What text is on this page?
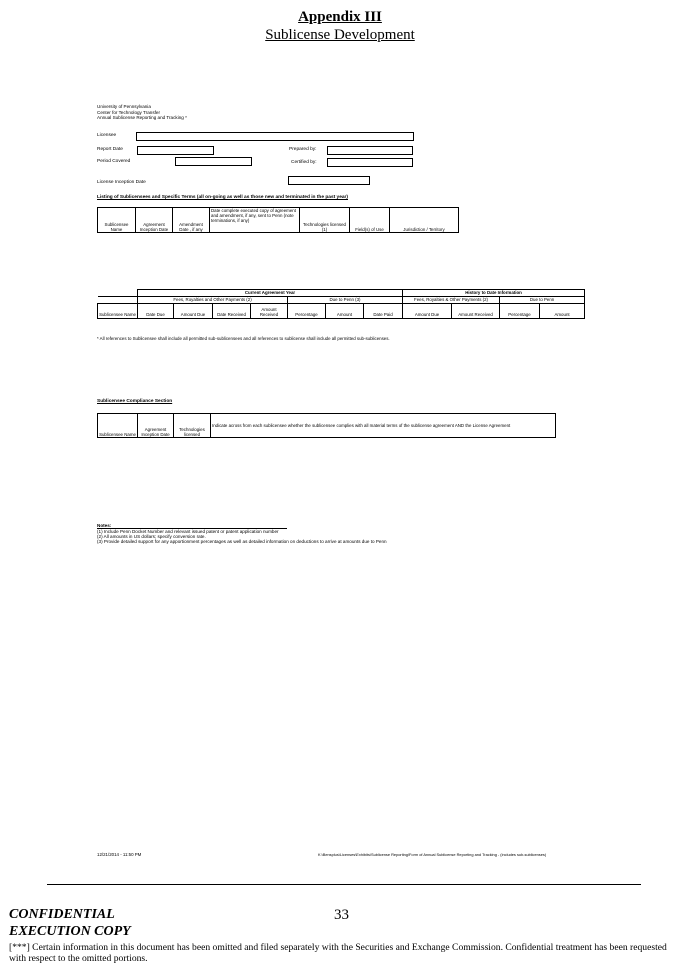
Appendix III
Sublicense Development
University of Pennsylvania
Center for Technology Transfer
Annual Sublicense Reporting and Tracking *
Licensee
Report Date	Prepared by:
Period Covered	Certified by:
License Inception Date
Listing of Sublicensees and Specific Terms (all on-going as well as those new and terminated in the past year)
Sublicensee Name	Agreement Inception Date	Amendment Date , if any	Date complete executed copy of agreement and amendment, if any, sent to Penn (note terminations, if any)	Technologies licensed (1)	Field(s) of Use	Jurisdiction / Territory
	Current Agreement Year							History to Date Information			
	Fees, Royalties and Other Payments (2)				Due to Penn (3)			Fees, Royalties & Other Payments (2)		Due to Penn	
Sublicensee Name	Date Due	Amount Due	Date Received	Amount Received	Percentage	Amount	Date Paid	Amount Due	Amount Received	Percentage	Amount
* All references to Sublicensee shall include all permitted sub-sublicensees and all references to sublicense shall include all permitted sub-sublicenses.
Sublicensee Compliance Section
Sublicensee Name	Agreement Inception Date	Technologies licensed	Indicate across from each sublicensee whether the sublicensee complies with all material terms of the sublicense agreement AND the License Agreement
Notes:
(1) Include Penn Docket Number and relevant issued patent or patent application number
(2) All amounts in US dollars; specify conversion rate.
(3) Provide detailed support for any apportionment percentages as well as detailed information on deductions to arrive at amounts due to Penn
12/21/2014 - 11:50 PM	K:\Bensplus\Licenses\Exhibits\Sublicense Reporting\Form of Annual Sublicense Reporting and Tracking - (includes sub-sublicenses)
CONFIDENTIAL
EXECUTION COPY
33
[***] Certain information in this document has been omitted and filed separately with the Securities and Exchange Commission. Confidential treatment has been requested with respect to the omitted portions.
